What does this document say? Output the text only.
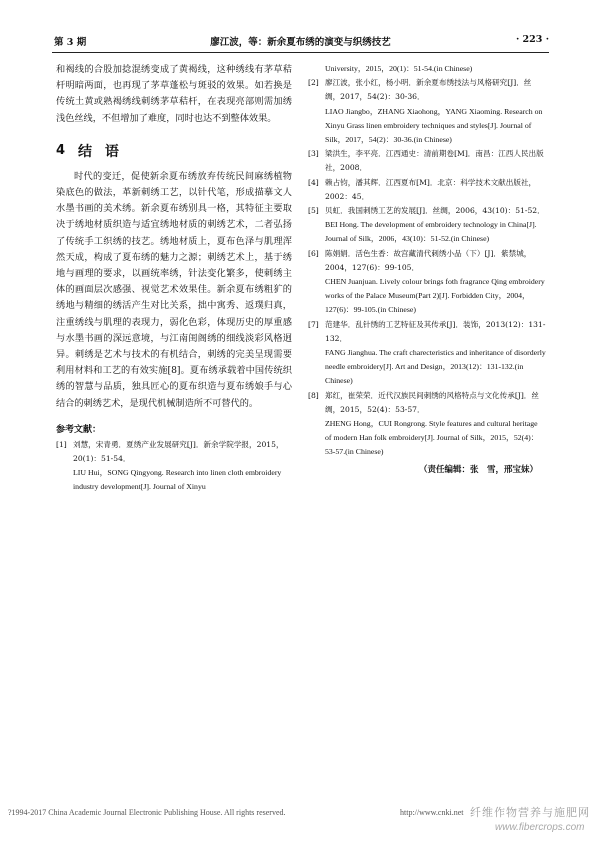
第 3 期	廖江波，等：新余夏布绣的演变与织绣技艺	· 223 ·

和褐线的合股加捻混绣变成了黄褐线，这种绣线有茅草秸杆明暗两面，也再现了茅草蓬松与斑驳的效果。如若换是传统土黄或熟褐绣线刺绣茅草秸杆，在表现亮部则需加绣浅色丝线，不但增加了难度，同时也达不到整体效果。

4 结 语

时代的变迁，促使新余夏布绣放弃传统民间麻绣植物染底色的做法，革新刺绣工艺，以针代笔，形成描摹文人水墨书画的美术绣。新余夏布绣别具一格，其特征主要取决于绣地材质织造与适宜绣地材质的刺绣艺术，二者弘扬了传统手工织绣的技艺。绣地材质上，夏布色泽与肌理浑然天成，构成了夏布绣的魅力之源；刺绣艺术上，基于绣地与画理的要求，以画统率绣，针法变化繁多，使刺绣主体的画面层次感强、视觉艺术效果佳。新余夏布绣粗犷的绣地与精细的绣活产生对比关系，拙中寓秀、返璞归真，注重绣线与肌理的表现力，弱化色彩，体现历史的厚重感与水墨书画的深远意境，与江南闺阁绣的细线淡彩风格迥异。刺绣是艺术与技术的有机结合，刺绣的完美呈现需要利用材料和工艺的有效实施[8]。夏布绣承载着中国传统织绣的智慧与品质，独具匠心的夏布织造与夏布绣娘手与心结合的刺绣艺术，是现代机械制造所不可替代的。

参考文献：
[1] 刘慧，宋青勇．夏绣产业发展研究[J]．新余学院学报，2015，20(1)：51-54．
LIU Hui，SONG Qingyong. Research into linen cloth embroidery industry development[J]. Journal of Xinyu
University，2015，20(1)：51-54.(in Chinese)
[2] 廖江波，张小红，杨小明．新余夏布绣技法与风格研究[J]．丝绸，2017，54(2)：30-36．
LIAO Jiangbo，ZHANG Xiaohong，YANG Xiaoming. Research on Xinyu Grass linen embroidery techniques and styles[J]. Journal of Silk，2017，54(2)：30-36.(in Chinese)
[3] 梁洪生，李平亮．江西通史：清前期卷[M]．南昌：江西人民出版社，2008．
[4] 赖占钧，潘其辉．江西夏布[M]．北京：科学技术文献出版社，2002：45．
[5] 贝虹．我国刺绣工艺的发展[J]．丝绸，2006，43(10)：51-52．
BEI Hong. The development of embroidery technology in China[J]. Journal of Silk，2006，43(10)：51-52.(in Chinese)
[6] 陈娟娟．活色生香：故宫藏清代刺绣小品（下）[J]．紫禁城，2004，127(6)：99-105．
CHEN Juanjuan. Lively colour brings foth fragrance Qing embroidery works of the Palace Museum(Part 2)[J]. Forbidden City，2004，127(6)：99-105.(in Chinese)
[7] 范建华．乱针绣的工艺特征及其传承[J]．装饰，2013(12)：131-132．
FANG Jianghua. The craft charecteristics and inheritance of disorderly needle embroidery[J]. Art and Design，2013(12)：131-132.(in Chinese)
[8] 郑红，崔荣荣．近代汉族民间刺绣的风格特点与文化传承[J]．丝绸，2015，52(4)：53-57．
ZHENG Hong，CUI Rongrong. Style features and cultural heritage of modern Han folk embroidery[J]. Journal of Silk，2015，52(4)：53-57.(in Chinese)
（责任编辑：张　雪，邢宝妹）
?1994-2017 China Academic Journal Electronic Publishing House. All rights reserved.	http://www.cnki.net 纤维作物营养与施肥网
www.fibercrops.com
